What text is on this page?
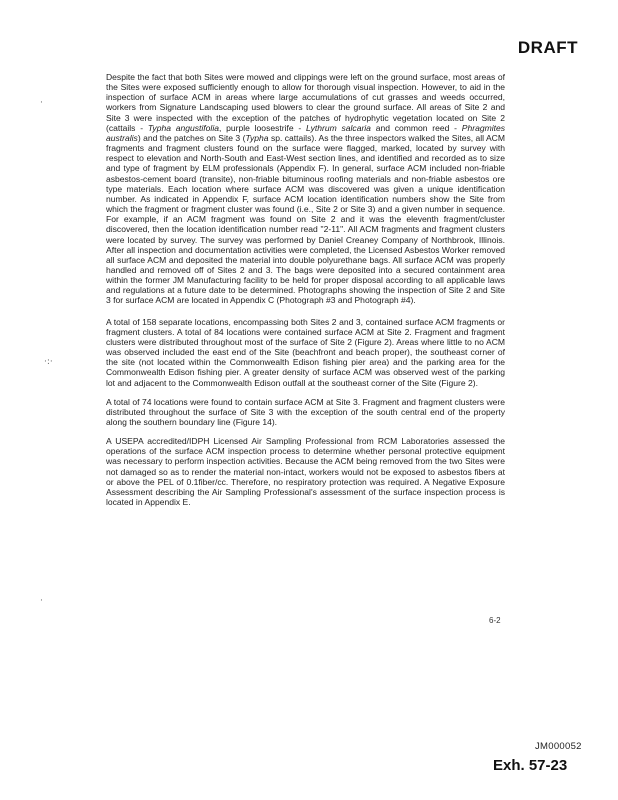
DRAFT
·
·:·
·

Despite the fact that both Sites were mowed and clippings were left on the ground surface, most areas of the Sites were exposed sufficiently enough to allow for thorough visual inspection. However, to aid in the inspection of surface ACM in areas where large accumulations of cut grasses and weeds occurred, workers from Signature Landscaping used blowers to clear the ground surface. All areas of Site 2 and Site 3 were inspected with the exception of the patches of hydrophytic vegetation located on Site 2 (cattails - Typha angustifolia, purple loosestrife - Lythrum salcaria and common reed - Phragmites australis) and the patches on Site 3 (Typha sp. cattails). As the three inspectors walked the Sites, all ACM fragments and fragment clusters found on the surface were flagged, marked, located by survey with respect to elevation and North-South and East-West section lines, and identified and recorded as to size and type of fragment by ELM professionals (Appendix F). In general, surface ACM included non-friable asbestos-cement board (transite), non-friable bituminous roofing materials and non-friable asbestos ore type materials. Each location where surface ACM was discovered was given a unique identification number. As indicated in Appendix F, surface ACM location identification numbers show the Site from which the fragment or fragment cluster was found (i.e., Site 2 or Site 3) and a given number in sequence. For example, if an ACM fragment was found on Site 2 and it was the eleventh fragment/cluster discovered, then the location identification number read "2-11". All ACM fragments and fragment clusters were located by survey. The survey was performed by Daniel Creaney Company of Northbrook, Illinois. After all inspection and documentation activities were completed, the Licensed Asbestos Worker removed all surface ACM and deposited the material into double polyurethane bags. All surface ACM was properly handled and removed off of Sites 2 and 3. The bags were deposited into a secured containment area within the former JM Manufacturing facility to be held for proper disposal according to all applicable laws and regulations at a future date to be determined. Photographs showing the inspection of Site 2 and Site 3 for surface ACM are located in Appendix C (Photograph #3 and Photograph #4).

A total of 158 separate locations, encompassing both Sites 2 and 3, contained surface ACM fragments or fragment clusters. A total of 84 locations were contained surface ACM at Site 2. Fragment and fragment clusters were distributed throughout most of the surface of Site 2 (Figure 2). Areas where little to no ACM was observed included the east end of the Site (beachfront and beach proper), the southeast corner of the site (not located within the Commonwealth Edison fishing pier area) and the parking area for the Commonwealth Edison fishing pier. A greater density of surface ACM was observed west of the parking lot and adjacent to the Commonwealth Edison outfall at the southeast corner of the Site (Figure 2).

A total of 74 locations were found to contain surface ACM at Site 3. Fragment and fragment clusters were distributed throughout the surface of Site 3 with the exception of the south central end of the property along the southern boundary line (Figure 14).

A USEPA accredited/IDPH Licensed Air Sampling Professional from RCM Laboratories assessed the operations of the surface ACM inspection process to determine whether personal protective equipment was necessary to perform inspection activities. Because the ACM being removed from the two Sites were not damaged so as to render the material non-intact, workers would not be exposed to asbestos fibers at or above the PEL of 0.1fiber/cc. Therefore, no respiratory protection was required. A Negative Exposure Assessment describing the Air Sampling Professional's assessment of the surface inspection process is located in Appendix E.

6-2
JM000052
Exh. 57-23
